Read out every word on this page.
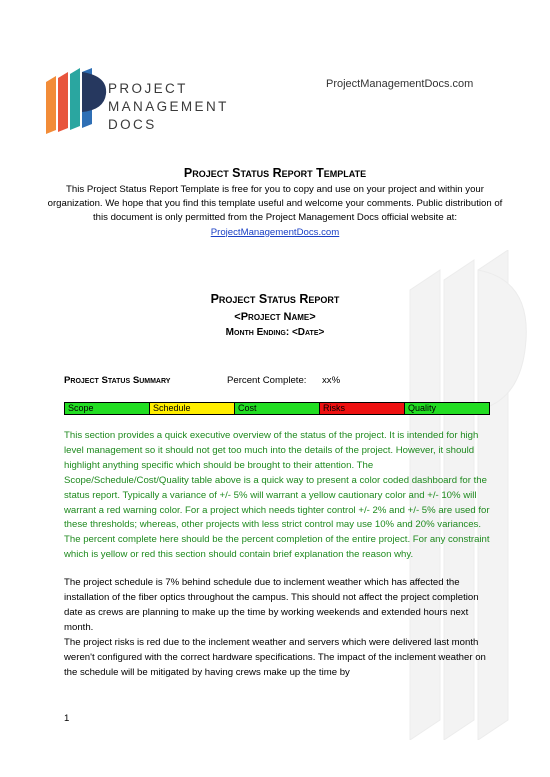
PROJECT
MANAGEMENT
DOCS
ProjectManagementDocs.com
Project Status Report Template
This Project Status Report Template is free for you to copy and use on your project and within your organization. We hope that you find this template useful and welcome your comments. Public distribution of this document is only permitted from the Project Management Docs official website at:
ProjectManagementDocs.com
Project Status Report
<Project Name>
Month Ending: <Date>
Project Status Summary	Percent Complete: xx%
Scope	Schedule	Cost	Risks	Quality
This section provides a quick executive overview of the status of the project. It is intended for high level management so it should not get too much into the details of the project. However, it should highlight anything specific which should be brought to their attention. The Scope/Schedule/Cost/Quality table above is a quick way to present a color coded dashboard for the status report. Typically a variance of +/- 5% will warrant a yellow cautionary color and +/- 10% will warrant a red warning color. For a project which needs tighter control +/- 2% and +/- 5% are used for these thresholds; whereas, other projects with less strict control may use 10% and 20% variances. The percent complete here should be the percent completion of the entire project. For any constraint which is yellow or red this section should contain brief explanation the reason why.
The project schedule is 7% behind schedule due to inclement weather which has affected the installation of the fiber optics throughout the campus. This should not affect the project completion date as crews are planning to make up the time by working weekends and extended hours next month.
The project risks is red due to the inclement weather and servers which were delivered last month weren't configured with the correct hardware specifications. The impact of the inclement weather on the schedule will be mitigated by having crews make up the time by
1
